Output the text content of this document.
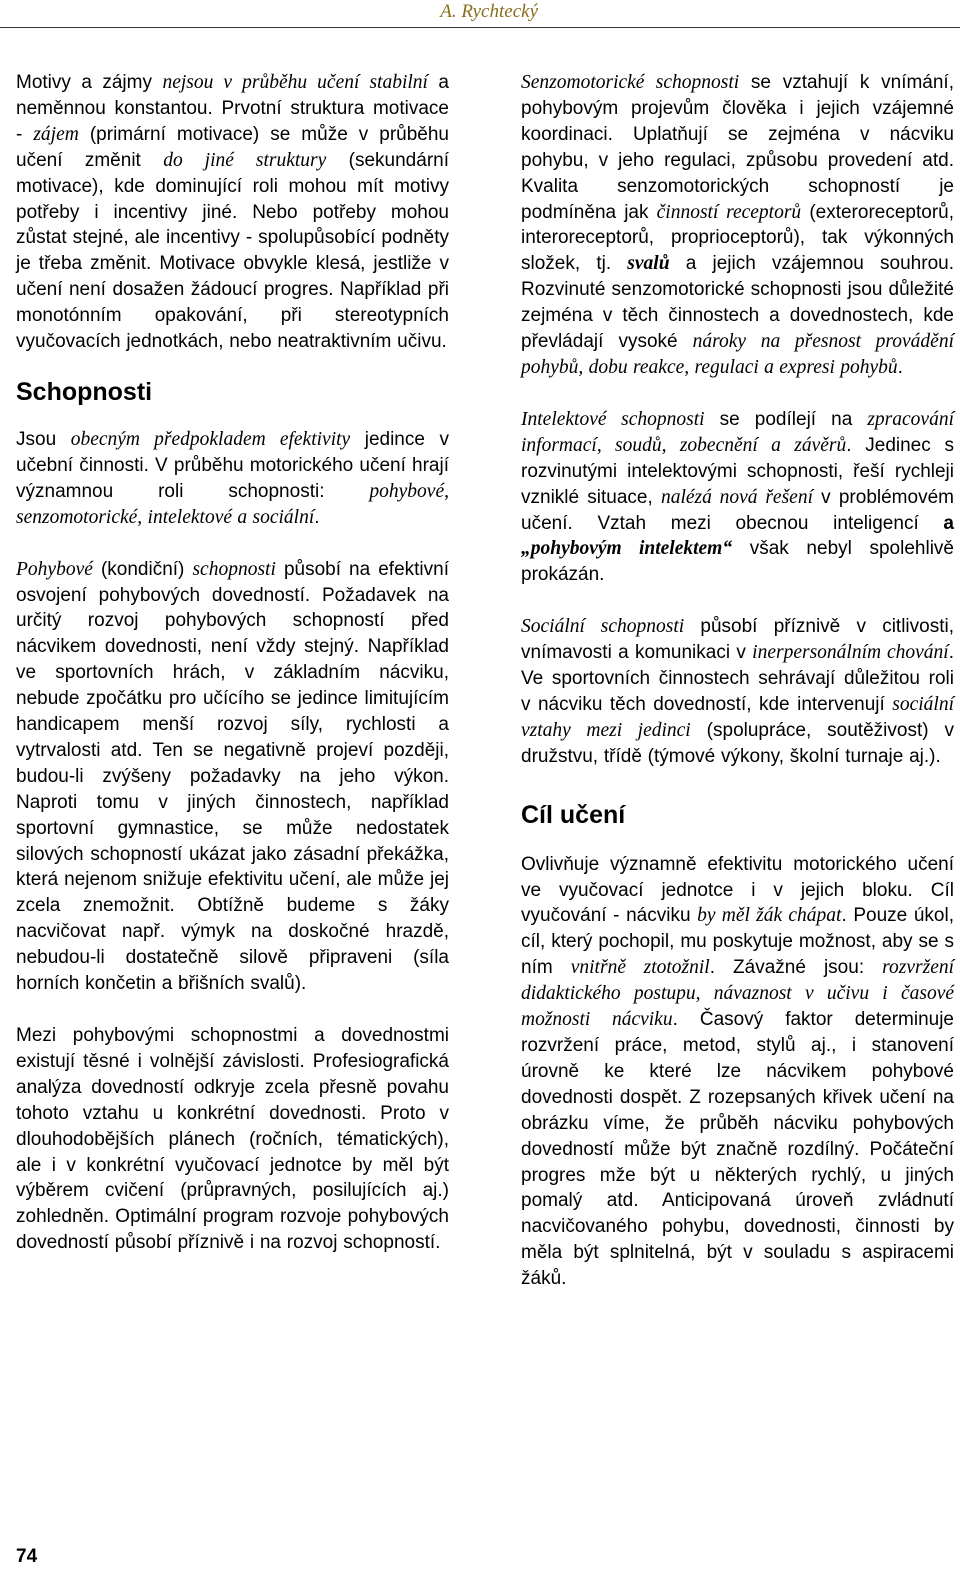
A. Rychtecký

Motivy a zájmy nejsou v průběhu učení stabilní a neměnnou konstantou. Prvotní struktura motivace - zájem (primární motivace) se může v průběhu učení změnit do jiné struktury (sekundární motivace), kde dominující roli mohou mít motivy potřeby i incentivy jiné. Nebo potřeby mohou zůstat stejné, ale incentivy - spolupůsobící podněty je třeba změnit. Motivace obvykle klesá, jestliže v učení není dosažen žádoucí progres. Například při monotónním opakování, při stereotypních vyučovacích jednotkách, nebo neatraktivním učivu.

Schopnosti

Jsou obecným předpokladem efektivity jedince v učební činnosti. V průběhu motorického učení hrají významnou roli schopnosti: pohybové, senzomotorické, intelektové a sociální.

Pohybové (kondiční) schopnosti působí na efektivní osvojení pohybových dovedností. Požadavek na určitý rozvoj pohybových schopností před nácvikem dovednosti, není vždy stejný. Například ve sportovních hrách, v základním nácviku, nebude zpočátku pro učícího se jedince limitujícím handicapem menší rozvoj síly, rychlosti a vytrvalosti atd. Ten se negativně projeví později, budou-li zvýšeny požadavky na jeho výkon. Naproti tomu v jiných činnostech, například sportovní gymnastice, se může nedostatek silových schopností ukázat jako zásadní překážka, která nejenom snižuje efektivitu učení, ale může jej zcela znemožnit. Obtížně budeme s žáky nacvičovat např. výmyk na doskočné hrazdě, nebudou-li dostatečně silově připraveni (síla horních končetin a břišních svalů).

Mezi pohybovými schopnostmi a dovednostmi existují těsné i volnější závislosti. Profesiografická analýza dovedností odkryje zcela přesně povahu tohoto vztahu u konkrétní dovednosti. Proto v dlouhodobějších plánech (ročních, tématických), ale i v konkrétní vyučovací jednotce by měl být výběrem cvičení (průpravných, posilujících aj.) zohledněn. Optimální program rozvoje pohybových dovedností působí příznivě i na rozvoj schopností.

Senzomotorické schopnosti se vztahují k vnímání, pohybovým projevům člověka i jejich vzájemné koordinaci. Uplatňují se zejména v nácviku pohybu, v jeho regulaci, způsobu provedení atd. Kvalita senzomotorických schopností je podmíněna jak činností receptorů (exteroreceptorů, interoreceptorů, proprioceptorů), tak výkonných složek, tj. svalů a jejich vzájemnou souhrou. Rozvinuté senzomotorické schopnosti jsou důležité zejména v těch činnostech a dovednostech, kde převládají vysoké nároky na přesnost provádění pohybů, dobu reakce, regulaci a expresi pohybů.

Intelektové schopnosti se podílejí na zpracování informací, soudů, zobecnění a závěrů. Jedinec s rozvinutými intelektovými schopnosti, řeší rychleji vzniklé situace, nalézá nová řešení v problémovém učení. Vztah mezi obecnou inteligencí a „pohybovým intelektem“ však nebyl spolehlivě prokázán.

Sociální schopnosti působí příznivě v citlivosti, vnímavosti a komunikaci v inerpersonálním chování. Ve sportovních činnostech sehrávají důležitou roli v nácviku těch dovedností, kde intervenují sociální vztahy mezi jedinci (spolupráce, soutěživost) v družstvu, třídě (týmové výkony, školní turnaje aj.).

Cíl učení

Ovlivňuje významně efektivitu motorického učení ve vyučovací jednotce i v jejich bloku. Cíl vyučování - nácviku by měl žák chápat. Pouze úkol, cíl, který pochopil, mu poskytuje možnost, aby se s ním vnitřně ztotožnil. Závažné jsou: rozvržení didaktického postupu, návaznost v učivu i časové možnosti nácviku. Časový faktor determinuje rozvržení práce, metod, stylů aj., i stanovení úrovně ke které lze nácvikem pohybové dovednosti dospět. Z rozepsaných křivek učení na obrázku víme, že průběh nácviku pohybových dovedností může být značně rozdílný. Počáteční progres mže být u některých rychlý, u jiných pomalý atd. Anticipovaná úroveň zvládnutí nacvičovaného pohybu, dovednosti, činnosti by měla být splnitelná, být v souladu s aspiracemi žáků.

74
